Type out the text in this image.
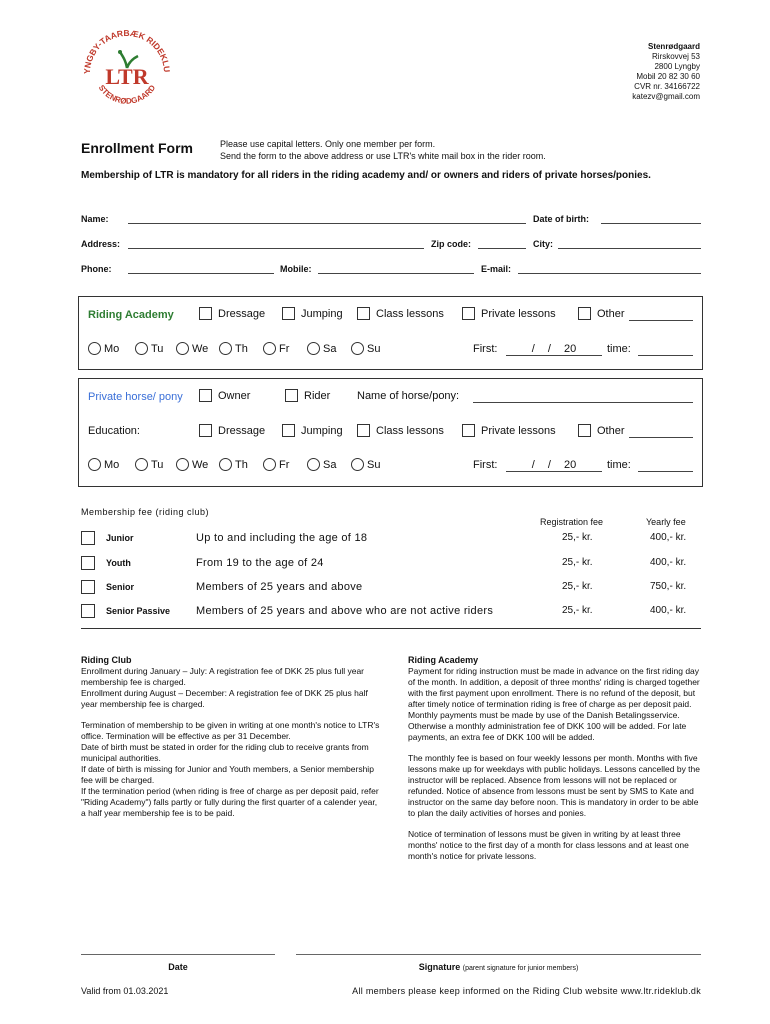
YNGBY-TAARBÆK RIDEKLU
STENRØDGAARD
LTR
Stenrødgaard
Rirskovvej 53
2800 Lyngby
Mobil 20 82 30 60
CVR nr. 34166722
katezv@gmail.com
Enrollment Form	Please use capital letters. Only one member per form.
Send the form to the above address or use LTR's white mail box in the rider room.
Membership of LTR is mandatory for all riders in the riding academy and/ or owners and riders of private horses/ponies.
Name:	Date of birth:
Address:	Zip code:	City:
Phone:	Mobile:	E-mail:
Riding Academy	Dressage	Jumping	Class lessons	Private lessons	Other
Mo	Tu	We Th	Fr	Sa	Su	First:	/ / 20	time:
Private horse/ pony	Owner	Rider Name of horse/pony:
Education:	Dressage	Jumping	Class lessons	Private lessons	Other
Mo	Tu	We Th	Fr	Sa	Su	First:	/ / 20	time:
Membership fee (riding club)
Registration fee	Yearly fee
Junior	Up to and including the age of 18	25,- kr.	400,- kr.
Youth	From 19 to the age of 24	25,- kr.	400,- kr.
Senior	Members of 25 years and above	25,- kr.	750,- kr.
Senior Passive Members of 25 years and above who are not active riders	25,- kr.	400,- kr.
Riding Club
Enrollment during January – July: A registration fee of DKK 25 plus full year membership fee is charged.
Enrollment during August – December: A registration fee of DKK 25 plus half year membership fee is charged.
Termination of membership to be given in writing at one month's notice to LTR's office. Termination will be effective as per 31 December.
Date of birth must be stated in order for the riding club to receive grants from municipal authorities.
If date of birth is missing for Junior and Youth members, a Senior membership fee will be charged.
If the termination period (when riding is free of charge as per deposit paid, refer "Riding Academy") falls partly or fully during the first quarter of a calender year, a half year membership fee is to be paid.
Riding Academy
Payment for riding instruction must be made in advance on the first riding day of the month. In addition, a deposit of three months' riding is charged together with the first payment upon enrollment. There is no refund of the deposit, but after timely notice of termination riding is free of charge as per deposit paid. Monthly payments must be made by use of the Danish Betalingsservice. Otherwise a monthly administration fee of DKK 100 will be added. For late payments, an extra fee of DKK 100 will be added.
The monthly fee is based on four weekly lessons per month. Months with five lessons make up for weekdays with public holidays. Lessons cancelled by the instructor will be replaced. Absence from lessons will not be replaced or refunded. Notice of absence from lessons must be sent by SMS to Kate and instructor on the same day before noon. This is mandatory in order to be able to plan the daily activities of horses and ponies.
Notice of termination of lessons must be given in writing by at least three months' notice to the first day of a month for class lessons and at least one month's notice for private lessons.
Date	Signature (parent signature for junior members)
Valid from 01.03.2021	All members please keep informed on the Riding Club website www.ltr.rideklub.dk
